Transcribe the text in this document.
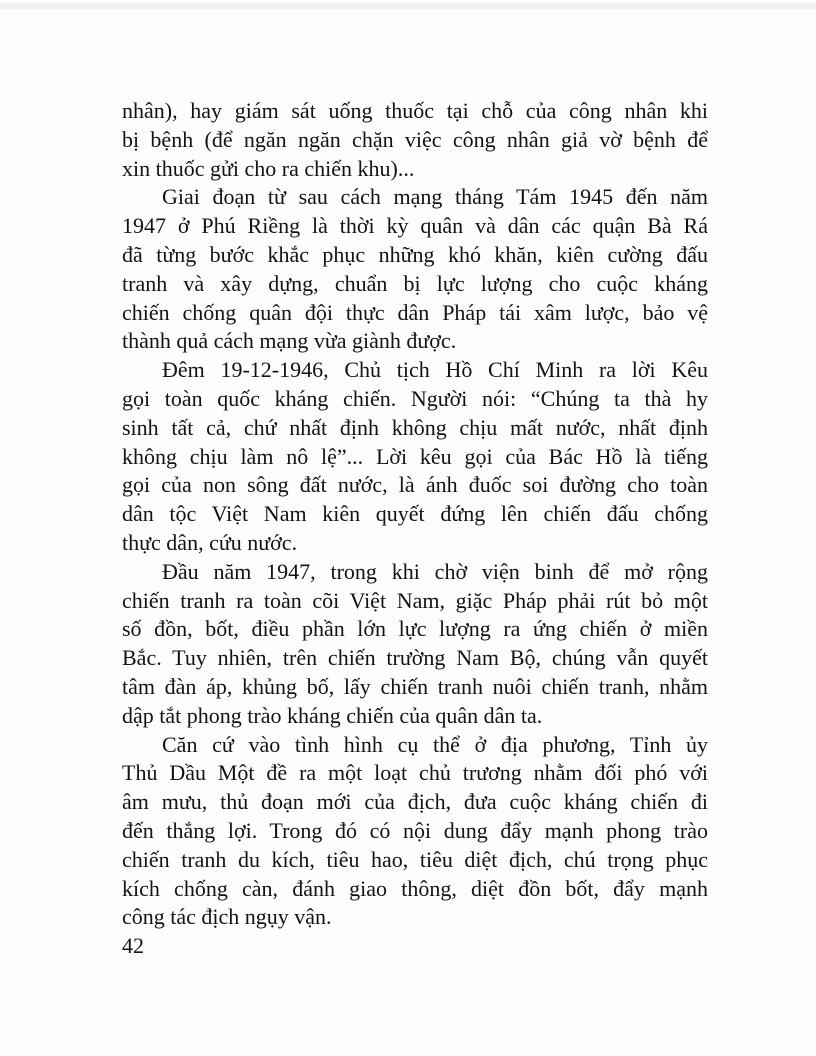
nhân), hay giám sát uống thuốc tại chỗ của công nhân khi
bị bệnh (để ngăn ngăn chặn việc công nhân giả vờ bệnh để
xin thuốc gửi cho ra chiến khu)...

Giai đoạn từ sau cách mạng tháng Tám 1945 đến năm
1947 ở Phú Riềng là thời kỳ quân và dân các quận Bà Rá
đã từng bước khắc phục những khó khăn, kiên cường đấu
tranh và xây dựng, chuẩn bị lực lượng cho cuộc kháng
chiến chống quân đội thực dân Pháp tái xâm lược, bảo vệ
thành quả cách mạng vừa giành được.

Đêm 19-12-1946, Chủ tịch Hồ Chí Minh ra lời Kêu
gọi toàn quốc kháng chiến. Người nói: “Chúng ta thà hy
sinh tất cả, chứ nhất định không chịu mất nước, nhất định
không chịu làm nô lệ”... Lời kêu gọi của Bác Hồ là tiếng
gọi của non sông đất nước, là ánh đuốc soi đường cho toàn
dân tộc Việt Nam kiên quyết đứng lên chiến đấu chống
thực dân, cứu nước.

Đầu năm 1947, trong khi chờ viện binh để mở rộng
chiến tranh ra toàn cõi Việt Nam, giặc Pháp phải rút bỏ một
số đồn, bốt, điều phần lớn lực lượng ra ứng chiến ở miền
Bắc. Tuy nhiên, trên chiến trường Nam Bộ, chúng vẫn quyết
tâm đàn áp, khủng bố, lấy chiến tranh nuôi chiến tranh, nhằm
dập tắt phong trào kháng chiến của quân dân ta.

Căn cứ vào tình hình cụ thể ở địa phương, Tỉnh ủy
Thủ Dầu Một đề ra một loạt chủ trương nhằm đối phó với
âm mưu, thủ đoạn mới của địch, đưa cuộc kháng chiến đi
đến thắng lợi. Trong đó có nội dung đẩy mạnh phong trào
chiến tranh du kích, tiêu hao, tiêu diệt địch, chú trọng phục
kích chống càn, đánh giao thông, diệt đồn bốt, đẩy mạnh
công tác địch ngụy vận.

42
